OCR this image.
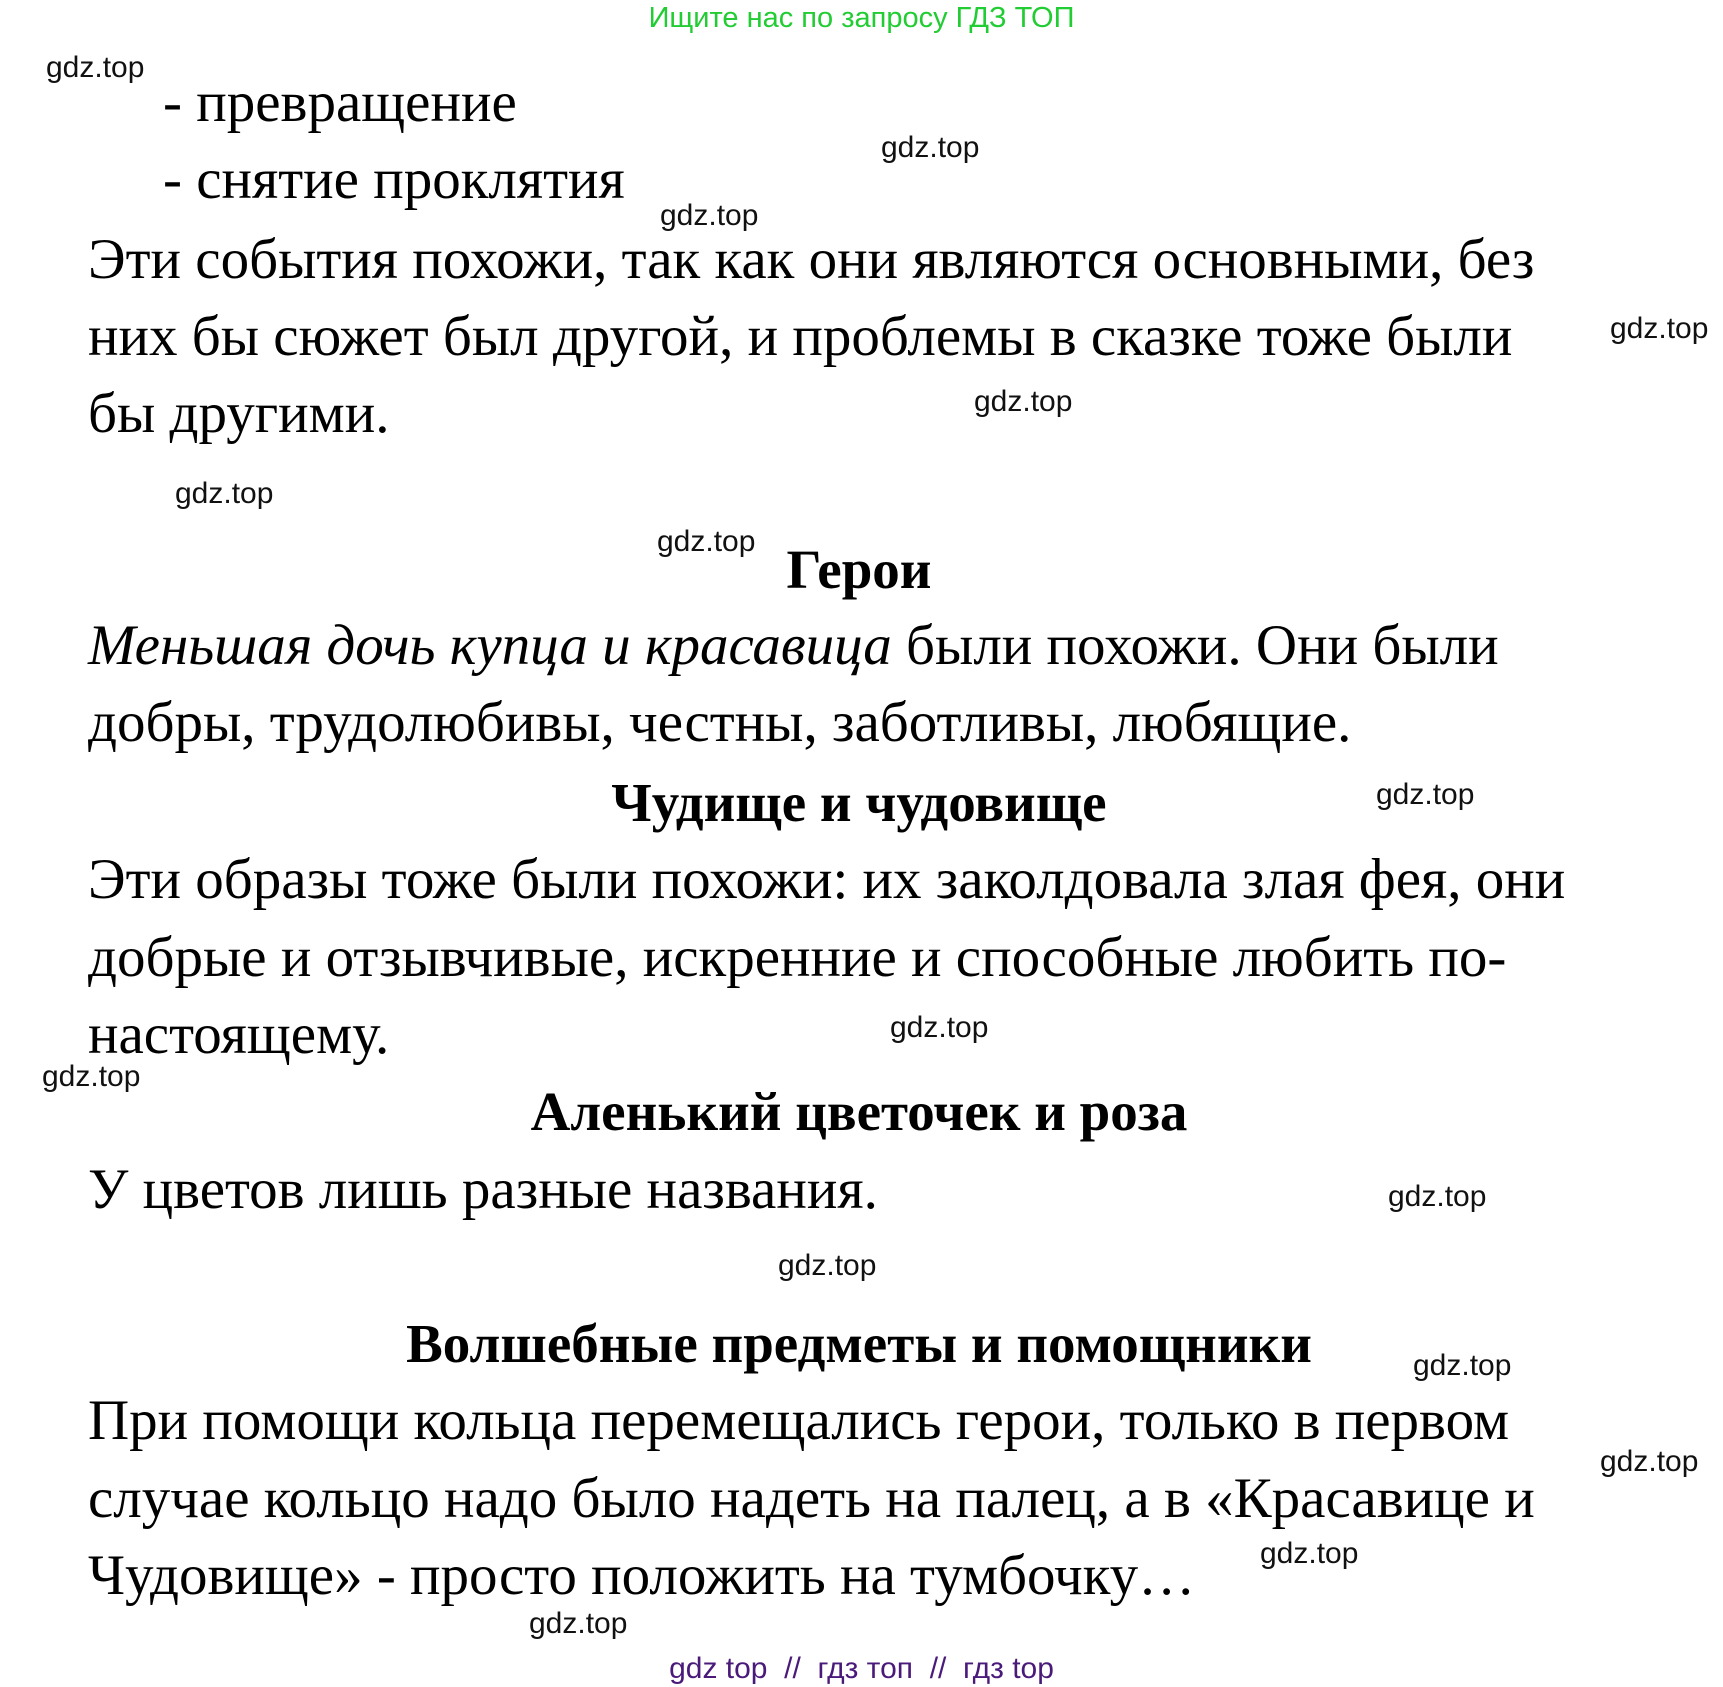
Ищите нас по запросу ГДЗ ТОП
- превращение
- снятие проклятия
Эти события похожи, так как они являются основными, без
них бы сюжет был другой, и проблемы в сказке тоже были
бы другими.
Герои
Меньшая дочь купца и красавица были похожи. Они были
добры, трудолюбивы, честны, заботливы, любящие.
Чудище и чудовище
Эти образы тоже были похожи: их заколдовала злая фея, они
добрые и отзывчивые, искренние и способные любить по-
настоящему.
Аленький цветочек и роза
У цветов лишь разные названия.
Волшебные предметы и помощники
При помощи кольца перемещались герои, только в первом
случае кольцо надо было надеть на палец, а в «Красавице и
Чудовище» - просто положить на тумбочку…
gdz.top
gdz.top
gdz.top
gdz.top
gdz.top
gdz.top
gdz.top
gdz.top
gdz.top
gdz.top
gdz.top
gdz.top
gdz.top
gdz.top
gdz.top
gdz.top
gdz top  //  гдз топ  //  гдз top
